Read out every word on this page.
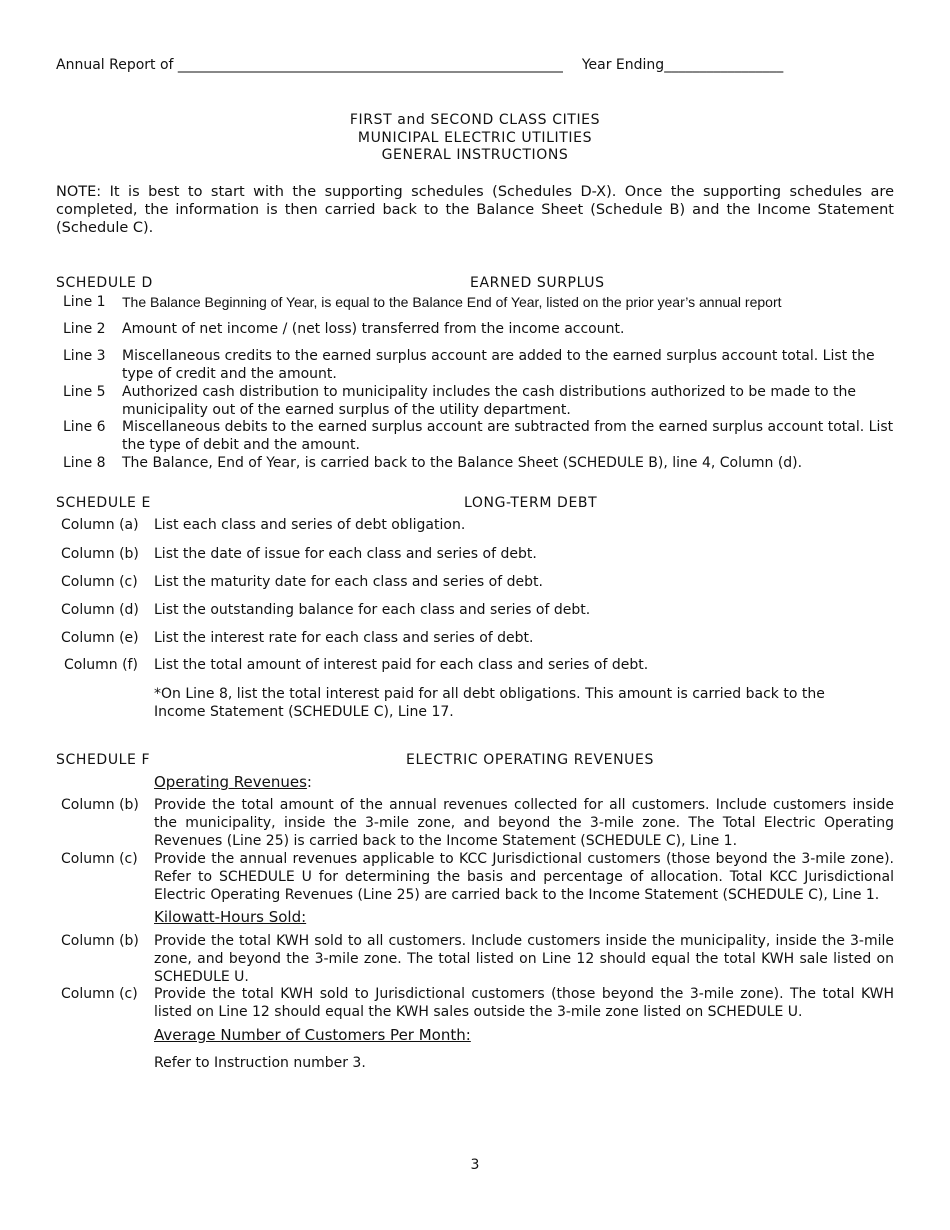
Annual Report of _______________________________________________________ Year Ending_________________
FIRST and SECOND CLASS CITIES
MUNICIPAL ELECTRIC UTILITIES
GENERAL INSTRUCTIONS
NOTE: It is best to start with the supporting schedules (Schedules D-X). Once the supporting schedules are completed, the information is then carried back to the Balance Sheet (Schedule B) and the Income Statement (Schedule C).
SCHEDULE D	EARNED SURPLUS
Line 1 The Balance Beginning of Year, is equal to the Balance End of Year, listed on the prior year’s annual report
Line 2 Amount of net income / (net loss) transferred from the income account.
Line 3 Miscellaneous credits to the earned surplus account are added to the earned surplus account total. List the type of credit and the amount.
Line 5 Authorized cash distribution to municipality includes the cash distributions authorized to be made to the municipality out of the earned surplus of the utility department.
Line 6 Miscellaneous debits to the earned surplus account are subtracted from the earned surplus account total. List the type of debit and the amount.
Line 8 The Balance, End of Year, is carried back to the Balance Sheet (SCHEDULE B), line 4, Column (d).
SCHEDULE E	LONG-TERM DEBT
Column (a) List each class and series of debt obligation.
Column (b) List the date of issue for each class and series of debt.
Column (c) List the maturity date for each class and series of debt.
Column (d) List the outstanding balance for each class and series of debt.
Column (e) List the interest rate for each class and series of debt.
Column (f) List the total amount of interest paid for each class and series of debt.
*On Line 8, list the total interest paid for all debt obligations. This amount is carried back to the Income Statement (SCHEDULE C), Line 17.
SCHEDULE F	ELECTRIC OPERATING REVENUES
Operating Revenues:
Column (b) Provide the total amount of the annual revenues collected for all customers. Include customers inside the municipality, inside the 3-mile zone, and beyond the 3-mile zone. The Total Electric Operating Revenues (Line 25) is carried back to the Income Statement (SCHEDULE C), Line 1.
Column (c) Provide the annual revenues applicable to KCC Jurisdictional customers (those beyond the 3-mile zone). Refer to SCHEDULE U for determining the basis and percentage of allocation. Total KCC Jurisdictional Electric Operating Revenues (Line 25) are carried back to the Income Statement (SCHEDULE C), Line 1.
Kilowatt-Hours Sold:
Column (b) Provide the total KWH sold to all customers. Include customers inside the municipality, inside the 3-mile zone, and beyond the 3-mile zone. The total listed on Line 12 should equal the total KWH sale listed on SCHEDULE U.
Column (c) Provide the total KWH sold to Jurisdictional customers (those beyond the 3-mile zone). The total KWH listed on Line 12 should equal the KWH sales outside the 3-mile zone listed on SCHEDULE U.
Average Number of Customers Per Month:
Refer to Instruction number 3.
3
